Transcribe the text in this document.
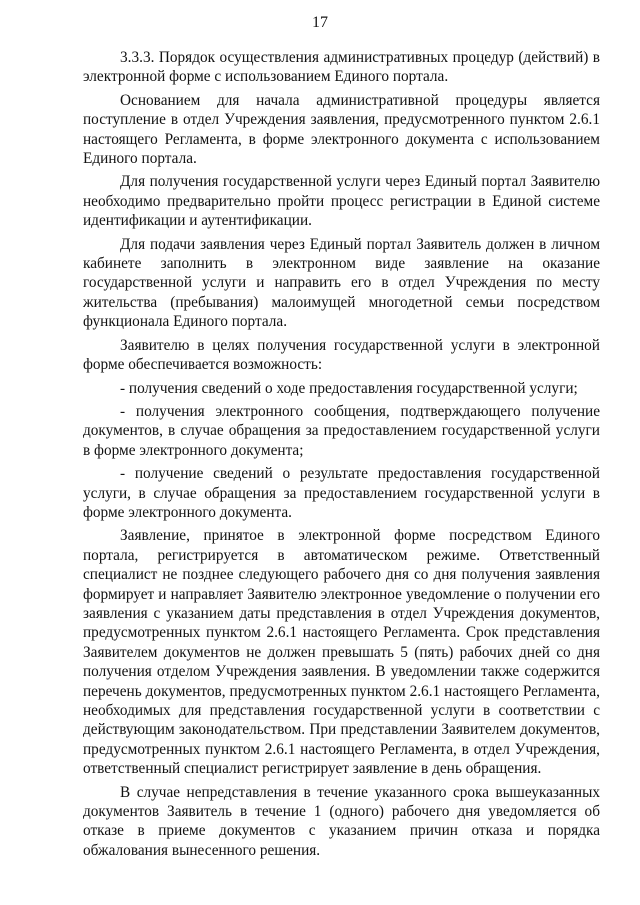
17

3.3.3. Порядок осуществления административных процедур (действий) в электронной форме с использованием Единого портала.

Основанием для начала административной процедуры является поступление в отдел Учреждения заявления, предусмотренного пунктом 2.6.1 настоящего Регламента, в форме электронного документа с использованием Единого портала.

Для получения государственной услуги через Единый портал Заявителю необходимо предварительно пройти процесс регистрации в Единой системе идентификации и аутентификации.

Для подачи заявления через Единый портал Заявитель должен в личном кабинете заполнить в электронном виде заявление на оказание государственной услуги и направить его в отдел Учреждения по месту жительства (пребывания) малоимущей многодетной семьи посредством функционала Единого портала.

Заявителю в целях получения государственной услуги в электронной форме обеспечивается возможность:

- получения сведений о ходе предоставления государственной услуги;

- получения электронного сообщения, подтверждающего получение документов, в случае обращения за предоставлением государственной услуги в форме электронного документа;

- получение сведений о результате предоставления государственной услуги, в случае обращения за предоставлением государственной услуги в форме электронного документа.

Заявление, принятое в электронной форме посредством Единого портала, регистрируется в автоматическом режиме. Ответственный специалист не позднее следующего рабочего дня со дня получения заявления формирует и направляет Заявителю электронное уведомление о получении его заявления с указанием даты представления в отдел Учреждения документов, предусмотренных пунктом 2.6.1 настоящего Регламента. Срок представления Заявителем документов не должен превышать 5 (пять) рабочих дней со дня получения отделом Учреждения заявления. В уведомлении также содержится перечень документов, предусмотренных пунктом 2.6.1 настоящего Регламента, необходимых для представления государственной услуги в соответствии с действующим законодательством. При представлении Заявителем документов, предусмотренных пунктом 2.6.1 настоящего Регламента, в отдел Учреждения, ответственный специалист регистрирует заявление в день обращения.

В случае непредставления в течение указанного срока вышеуказанных документов Заявитель в течение 1 (одного) рабочего дня уведомляется об отказе в приеме документов с указанием причин отказа и порядка обжалования вынесенного решения.
